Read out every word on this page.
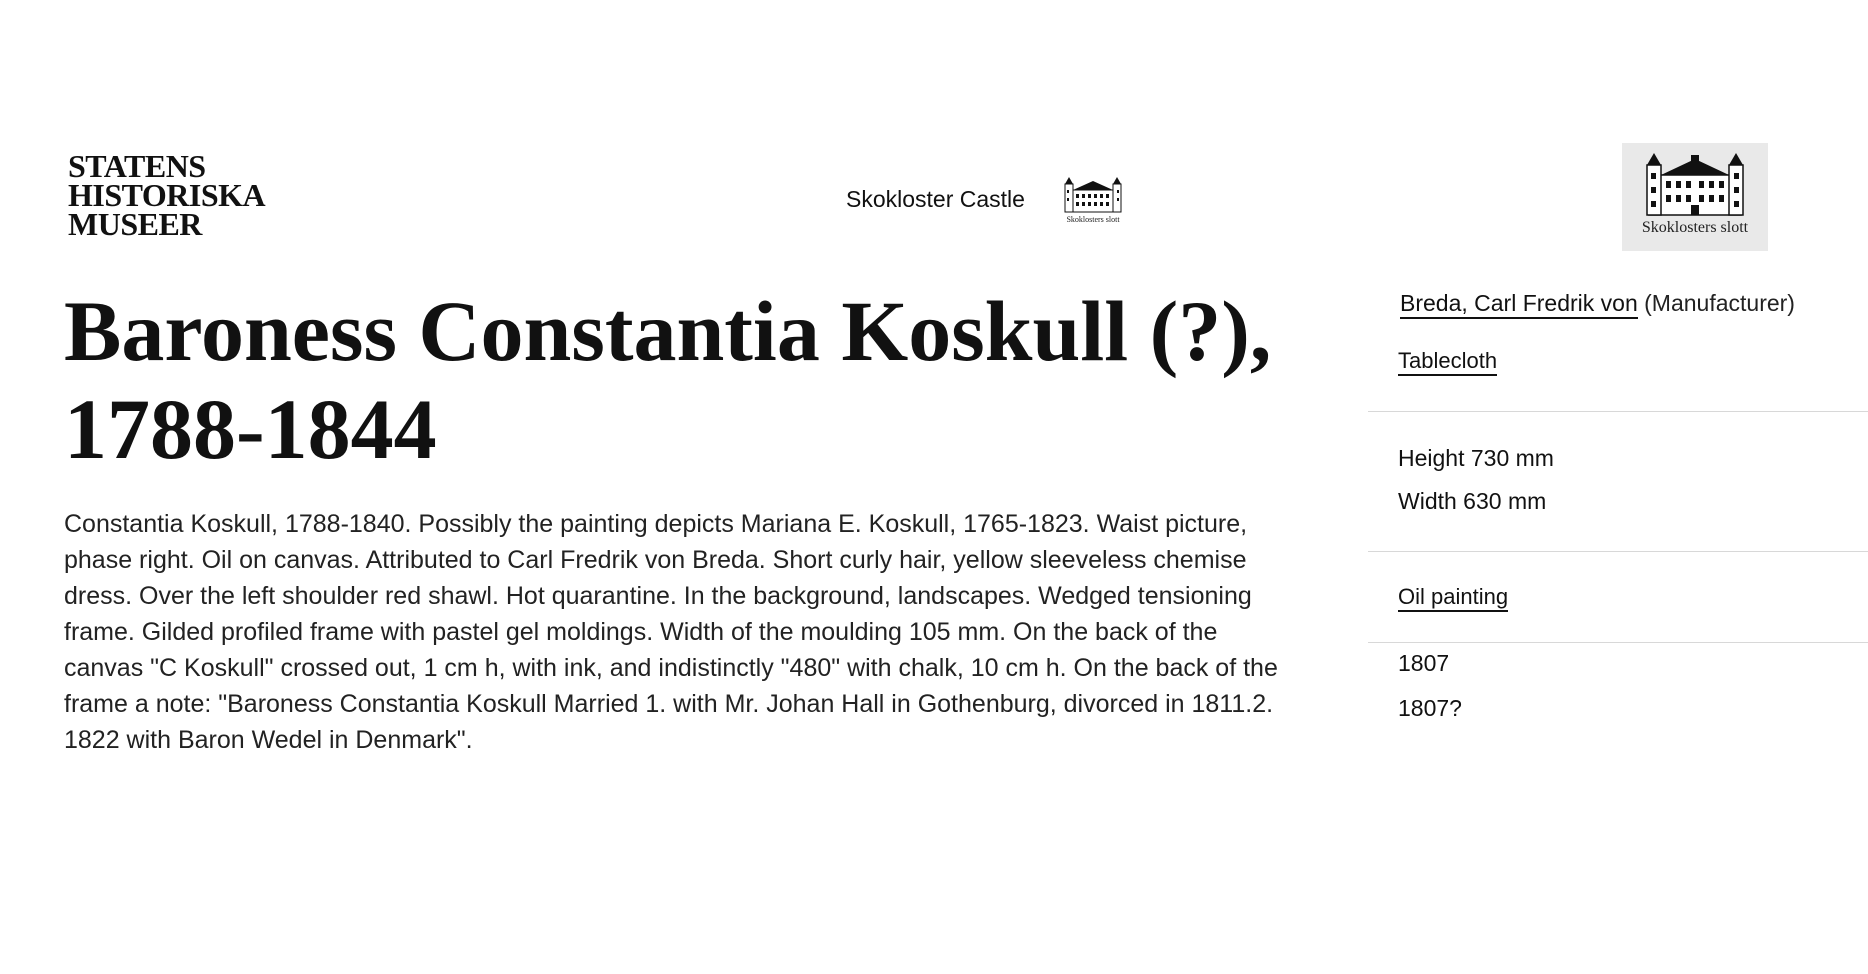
STATENS
HISTORISKA
MUSEER
Skokloster Castle
Skoklosters slott	Skoklosters slott
Baroness Constantia Koskull (?), 1788-1844

Constantia Koskull, 1788-1840. Possibly the painting depicts Mariana E. Koskull, 1765-1823. Waist picture, phase right. Oil on canvas. Attributed to Carl Fredrik von Breda. Short curly hair, yellow sleeveless chemise dress. Over the left shoulder red shawl. Hot quarantine. In the background, landscapes. Wedged tensioning frame. Gilded profiled frame with pastel gel moldings. Width of the moulding 105 mm. On the back of the canvas "C Koskull" crossed out, 1 cm h, with ink, and indistinctly "480" with chalk, 10 cm h. On the back of the frame a note: "Baroness Constantia Koskull Married 1. with Mr. Johan Hall in Gothenburg, divorced in 1811.2. 1822 with Baron Wedel in Denmark".

Breda, Carl Fredrik von (Manufacturer)
Tablecloth
Height 730 mm
Width 630 mm
Oil painting
1807
1807?
